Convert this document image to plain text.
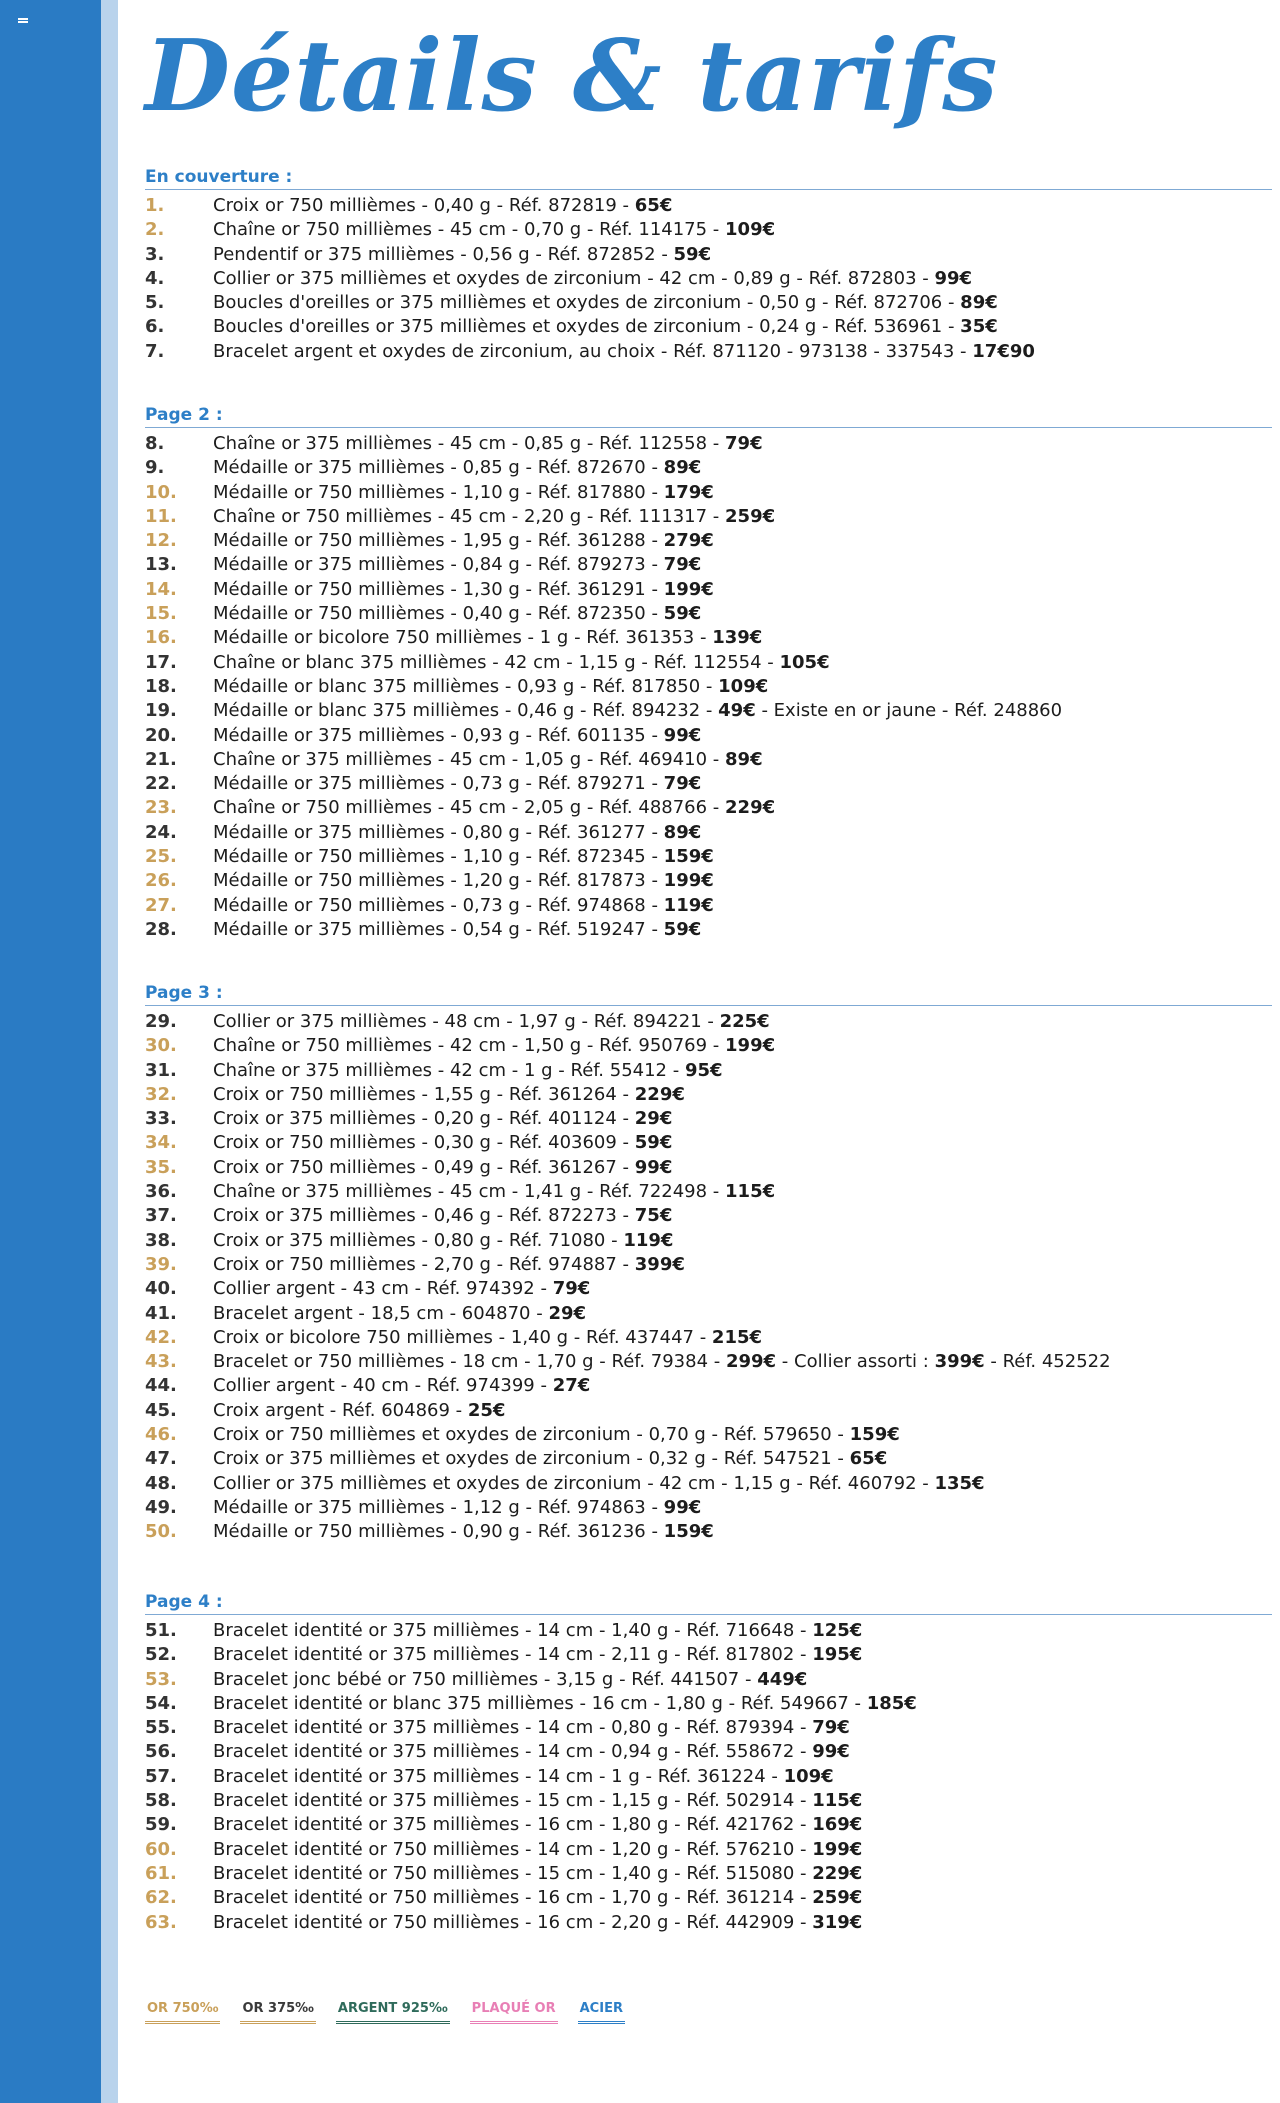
Détails & tarifs
En couverture :
1.	Croix or 750 millièmes - 0,40 g - Réf. 872819 - 65€
2.	Chaîne or 750 millièmes - 45 cm - 0,70 g - Réf. 114175 - 109€
3.	Pendentif or 375 millièmes - 0,56 g - Réf. 872852 - 59€
4.	Collier or 375 millièmes et oxydes de zirconium - 42 cm - 0,89 g - Réf. 872803 - 99€
5.	Boucles d'oreilles or 375 millièmes et oxydes de zirconium - 0,50 g - Réf. 872706 - 89€
6.	Boucles d'oreilles or 375 millièmes et oxydes de zirconium - 0,24 g - Réf. 536961 - 35€
7.	Bracelet argent et oxydes de zirconium, au choix - Réf. 871120 - 973138 - 337543 - 17€90
Page 2 :
8.	Chaîne or 375 millièmes - 45 cm - 0,85 g - Réf. 112558 - 79€
9.	Médaille or 375 millièmes - 0,85 g - Réf. 872670 - 89€
10.	Médaille or 750 millièmes - 1,10 g - Réf. 817880 - 179€
11.	Chaîne or 750 millièmes - 45 cm - 2,20 g - Réf. 111317 - 259€
12.	Médaille or 750 millièmes - 1,95 g - Réf. 361288 - 279€
13.	Médaille or 375 millièmes - 0,84 g - Réf. 879273 - 79€
14.	Médaille or 750 millièmes - 1,30 g - Réf. 361291 - 199€
15.	Médaille or 750 millièmes - 0,40 g - Réf. 872350 - 59€
16.	Médaille or bicolore 750 millièmes - 1 g - Réf. 361353 - 139€
17.	Chaîne or blanc 375 millièmes - 42 cm - 1,15 g - Réf. 112554 - 105€
18.	Médaille or blanc 375 millièmes - 0,93 g - Réf. 817850 - 109€
19.	Médaille or blanc 375 millièmes - 0,46 g - Réf. 894232 - 49€ - Existe en or jaune - Réf. 248860
20.	Médaille or 375 millièmes - 0,93 g - Réf. 601135 - 99€
21.	Chaîne or 375 millièmes - 45 cm - 1,05 g - Réf. 469410 - 89€
22.	Médaille or 375 millièmes - 0,73 g - Réf. 879271 - 79€
23.	Chaîne or 750 millièmes - 45 cm - 2,05 g - Réf. 488766 - 229€
24.	Médaille or 375 millièmes - 0,80 g - Réf. 361277 - 89€
25.	Médaille or 750 millièmes - 1,10 g - Réf. 872345 - 159€
26.	Médaille or 750 millièmes - 1,20 g - Réf. 817873 - 199€
27.	Médaille or 750 millièmes - 0,73 g - Réf. 974868 - 119€
28.	Médaille or 375 millièmes - 0,54 g - Réf. 519247 - 59€
Page 3 :
29.	Collier or 375 millièmes - 48 cm - 1,97 g - Réf. 894221 - 225€
30.	Chaîne or 750 millièmes - 42 cm - 1,50 g - Réf. 950769 - 199€
31.	Chaîne or 375 millièmes - 42 cm - 1 g - Réf. 55412 - 95€
32.	Croix or 750 millièmes - 1,55 g - Réf. 361264 - 229€
33.	Croix or 375 millièmes - 0,20 g - Réf. 401124 - 29€
34.	Croix or 750 millièmes - 0,30 g - Réf. 403609 - 59€
35.	Croix or 750 millièmes - 0,49 g - Réf. 361267 - 99€
36.	Chaîne or 375 millièmes - 45 cm - 1,41 g - Réf. 722498 - 115€
37.	Croix or 375 millièmes - 0,46 g - Réf. 872273 - 75€
38.	Croix or 375 millièmes - 0,80 g - Réf. 71080 - 119€
39.	Croix or 750 millièmes - 2,70 g - Réf. 974887 - 399€
40.	Collier argent - 43 cm - Réf. 974392 - 79€
41.	Bracelet argent - 18,5 cm - 604870 - 29€
42.	Croix or bicolore 750 millièmes - 1,40 g - Réf. 437447 - 215€
43.	Bracelet or 750 millièmes - 18 cm - 1,70 g - Réf. 79384 - 299€ - Collier assorti : 399€ - Réf. 452522
44.	Collier argent - 40 cm - Réf. 974399 - 27€
45.	Croix argent - Réf. 604869 - 25€
46.	Croix or 750 millièmes et oxydes de zirconium - 0,70 g - Réf. 579650 - 159€
47.	Croix or 375 millièmes et oxydes de zirconium - 0,32 g - Réf. 547521 - 65€
48.	Collier or 375 millièmes et oxydes de zirconium - 42 cm - 1,15 g - Réf. 460792 - 135€
49.	Médaille or 375 millièmes - 1,12 g - Réf. 974863 - 99€
50.	Médaille or 750 millièmes - 0,90 g - Réf. 361236 - 159€
Page 4 :
51.	Bracelet identité or 375 millièmes - 14 cm - 1,40 g - Réf. 716648 - 125€
52.	Bracelet identité or 375 millièmes - 14 cm - 2,11 g - Réf. 817802 - 195€
53.	Bracelet jonc bébé or 750 millièmes - 3,15 g - Réf. 441507 - 449€
54.	Bracelet identité or blanc 375 millièmes - 16 cm - 1,80 g - Réf. 549667 - 185€
55.	Bracelet identité or 375 millièmes - 14 cm - 0,80 g - Réf. 879394 - 79€
56.	Bracelet identité or 375 millièmes - 14 cm - 0,94 g - Réf. 558672 - 99€
57.	Bracelet identité or 375 millièmes - 14 cm - 1 g - Réf. 361224 - 109€
58.	Bracelet identité or 375 millièmes - 15 cm - 1,15 g - Réf. 502914 - 115€
59.	Bracelet identité or 375 millièmes - 16 cm - 1,80 g - Réf. 421762 - 169€
60.	Bracelet identité or 750 millièmes - 14 cm - 1,20 g - Réf. 576210 - 199€
61.	Bracelet identité or 750 millièmes - 15 cm - 1,40 g - Réf. 515080 - 229€
62.	Bracelet identité or 750 millièmes - 16 cm - 1,70 g - Réf. 361214 - 259€
63.	Bracelet identité or 750 millièmes - 16 cm - 2,20 g - Réf. 442909 - 319€
OR 750‰ OR 375‰ ARGENT 925‰ PLAQUÉ OR ACIER
